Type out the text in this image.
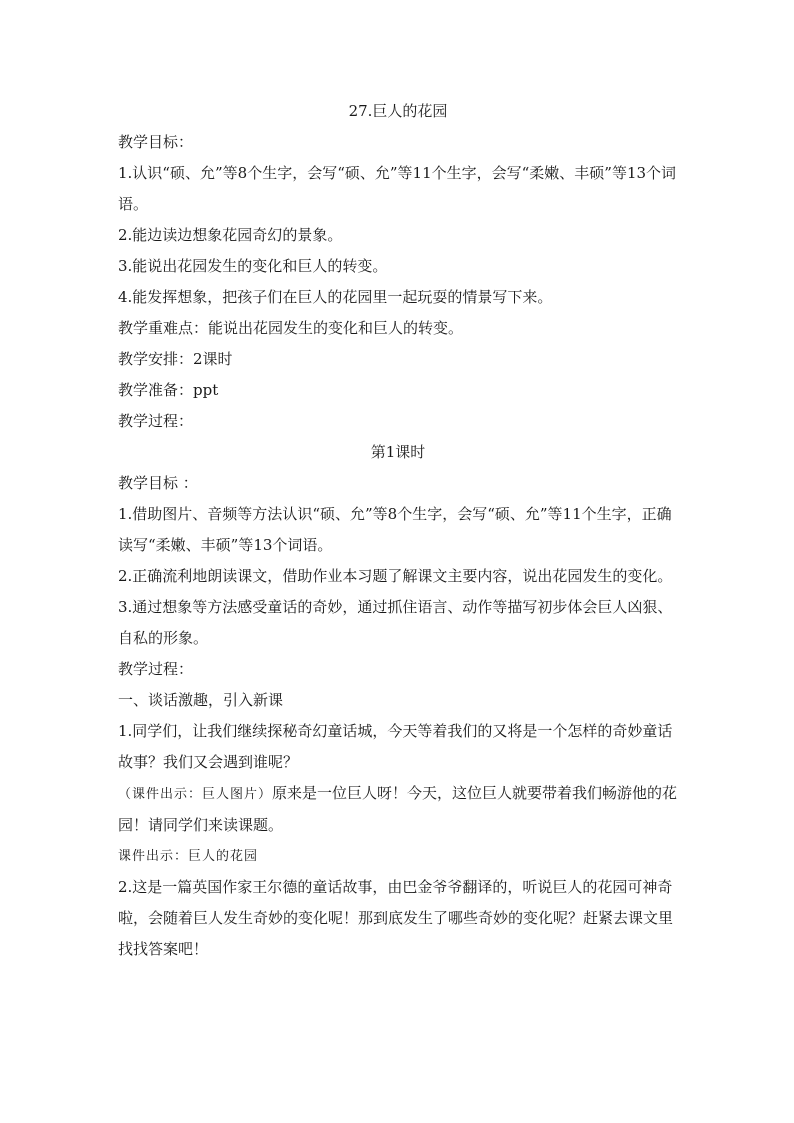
27.巨人的花园
教学目标：
1.认识“硕、允”等8个生字，会写“硕、允”等11个生字，会写“柔嫩、丰硕”等13个词语。
2.能边读边想象花园奇幻的景象。
3.能说出花园发生的变化和巨人的转变。
4.能发挥想象，把孩子们在巨人的花园里一起玩耍的情景写下来。
教学重难点：能说出花园发生的变化和巨人的转变。
教学安排：2课时
教学准备：ppt
教学过程：
第1课时
教学目标 ：
1.借助图片、音频等方法认识“硕、允”等8个生字，会写“硕、允”等11个生字，正确读写“柔嫩、丰硕”等13个词语。
2.正确流利地朗读课文，借助作业本习题了解课文主要内容，说出花园发生的变化。
3.通过想象等方法感受童话的奇妙，通过抓住语言、动作等描写初步体会巨人凶狠、自私的形象。
教学过程：
一、谈话激趣，引入新课
1.同学们，让我们继续探秘奇幻童话城，今天等着我们的又将是一个怎样的奇妙童话故事？我们又会遇到谁呢？
（课件出示：巨人图片）原来是一位巨人呀！今天，这位巨人就要带着我们畅游他的花园！请同学们来读课题。
课件出示：巨人的花园
2.这是一篇英国作家王尔德的童话故事，由巴金爷爷翻译的，听说巨人的花园可神奇啦，会随着巨人发生奇妙的变化呢！那到底发生了哪些奇妙的变化呢？赶紧去课文里找找答案吧！
